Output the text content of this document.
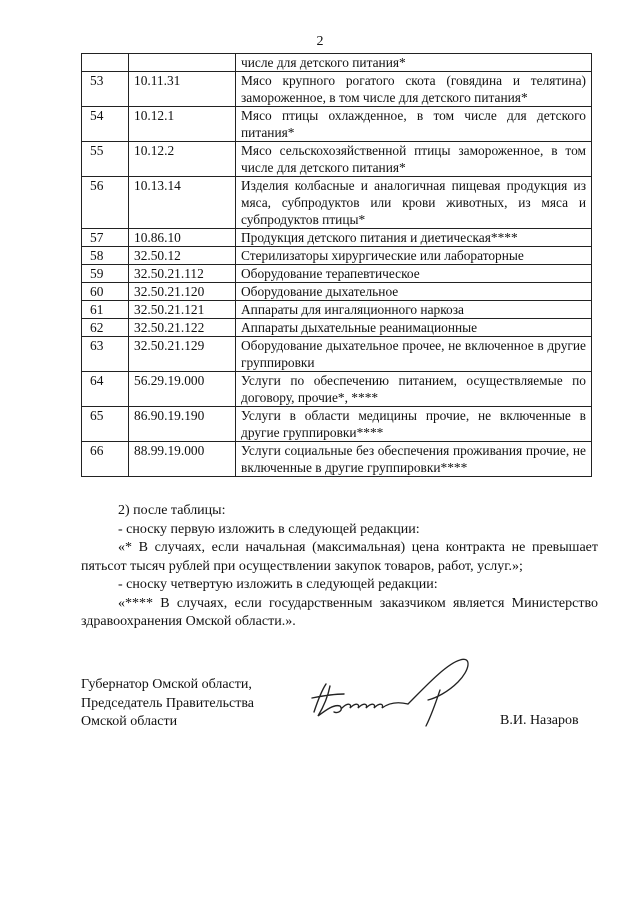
2
		числе для детского питания*
53	10.11.31	Мясо крупного рогатого скота (говядина и телятина) замороженное, в том числе для детского питания*
54	10.12.1	Мясо птицы охлажденное, в том числе для детского питания*
55	10.12.2	Мясо сельскохозяйственной птицы замороженное, в том числе для детского питания*
56	10.13.14	Изделия колбасные и аналогичная пищевая продукция из мяса, субпродуктов или крови животных, из мяса и субпродуктов птицы*
57	10.86.10	Продукция детского питания и диетическая****
58	32.50.12	Стерилизаторы хирургические или лабораторные
59	32.50.21.112	Оборудование терапевтическое
60	32.50.21.120	Оборудование дыхательное
61	32.50.21.121	Аппараты для ингаляционного наркоза
62	32.50.21.122	Аппараты дыхательные реанимационные
63	32.50.21.129	Оборудование дыхательное прочее, не включенное в другие группировки
64	56.29.19.000	Услуги по обеспечению питанием, осуществляемые по договору, прочие*, ****
65	86.90.19.190	Услуги в области медицины прочие, не включенные в другие группировки****
66	88.99.19.000	Услуги социальные без обеспечения проживания прочие, не включенные в другие группировки****

2) после таблицы:

- сноску первую изложить в следующей редакции:

«* В случаях, если начальная (максимальная) цена контракта не превышает пятьсот тысяч рублей при осуществлении закупок товаров, работ, услуг.»;

- сноску четвертую изложить в следующей редакции:

«**** В случаях, если государственным заказчиком является Министерство здравоохранения Омской области.».

Губернатор Омской области,
Председатель Правительства
Омской области	В.И. Назаров
